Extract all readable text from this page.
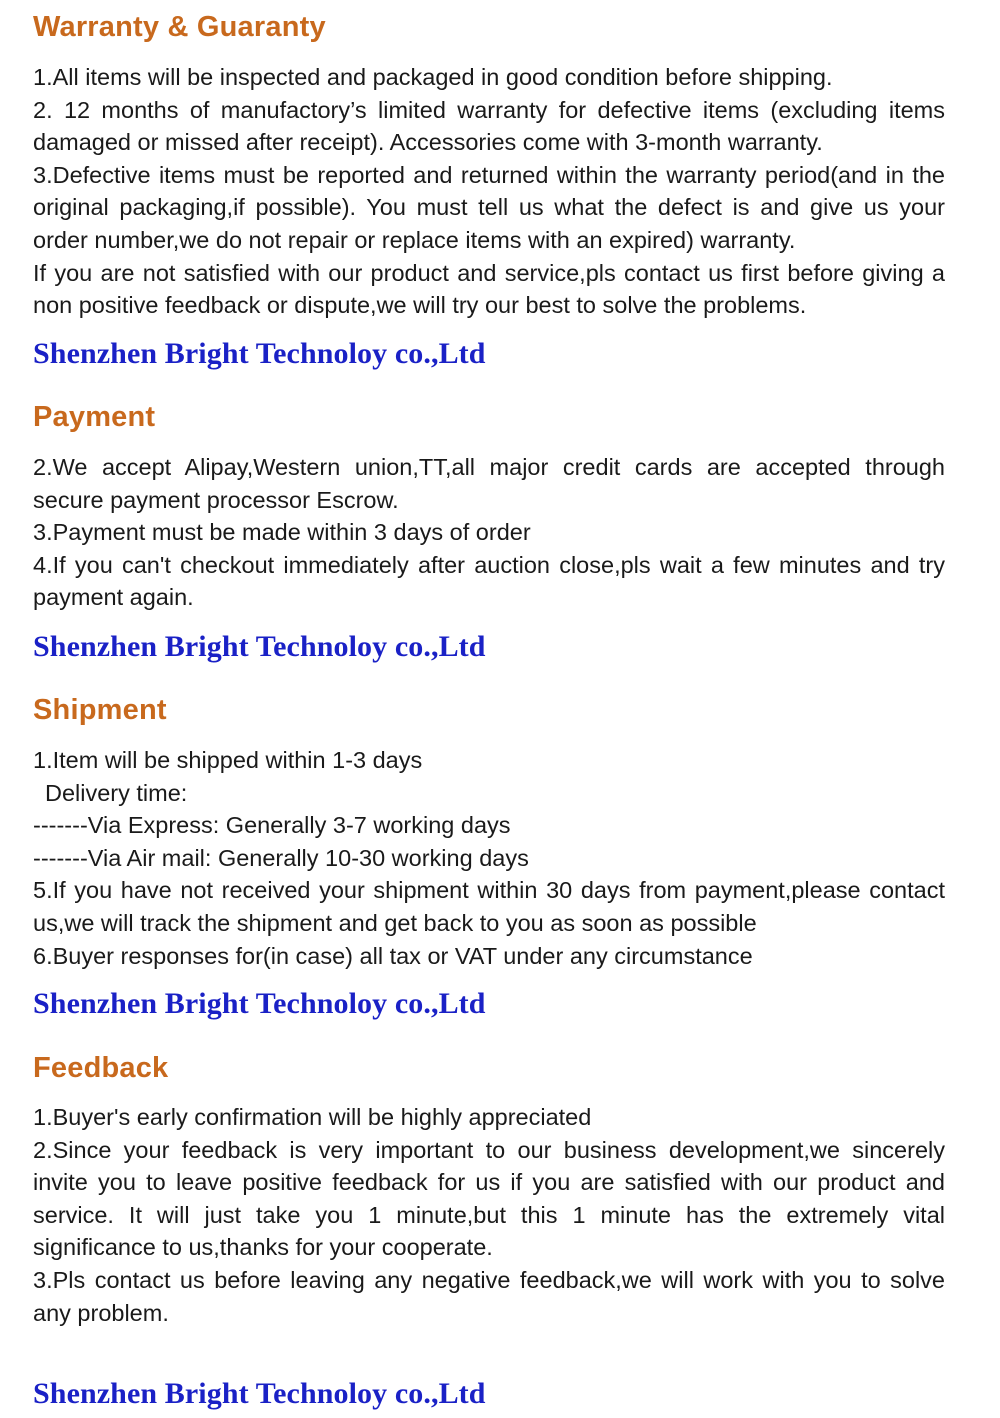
Warranty & Guaranty

1.All items will be inspected and packaged in good condition before shipping.

2. 12 months of manufactory’s limited warranty for defective items (excluding items damaged or missed after receipt). Accessories come with 3-month warranty.

3.Defective items must be reported and returned within the warranty period(and in the original packaging,if possible). You must tell us what the defect is and give us your order number,we do not repair or replace items with an expired) warranty.

If you are not satisfied with our product and service,pls contact us first before giving a non positive feedback or dispute,we will try our best to solve the problems.

Shenzhen Bright Technoloy co.,Ltd
Payment

2.We accept Alipay,Western union,TT,all major credit cards are accepted through secure payment processor Escrow.

3.Payment must be made within 3 days of order

4.If you can't checkout immediately after auction close,pls wait a few minutes and try payment again.

Shenzhen Bright Technoloy co.,Ltd
Shipment

1.Item will be shipped within 1-3 days

Delivery time:

-------Via Express: Generally 3-7 working days

-------Via Air mail: Generally 10-30 working days

5.If you have not received your shipment within 30 days from payment,please contact us,we will track the shipment and get back to you as soon as possible

6.Buyer responses for(in case) all tax or VAT under any circumstance

Shenzhen Bright Technoloy co.,Ltd
Feedback

1.Buyer's early confirmation will be highly appreciated

2.Since your feedback is very important to our business development,we sincerely invite you to leave positive feedback for us if you are satisfied with our product and service. It will just take you 1 minute,but this 1 minute has the extremely vital significance to us,thanks for your cooperate.

3.Pls contact us before leaving any negative feedback,we will work with you to solve any problem.

Shenzhen Bright Technoloy co.,Ltd
